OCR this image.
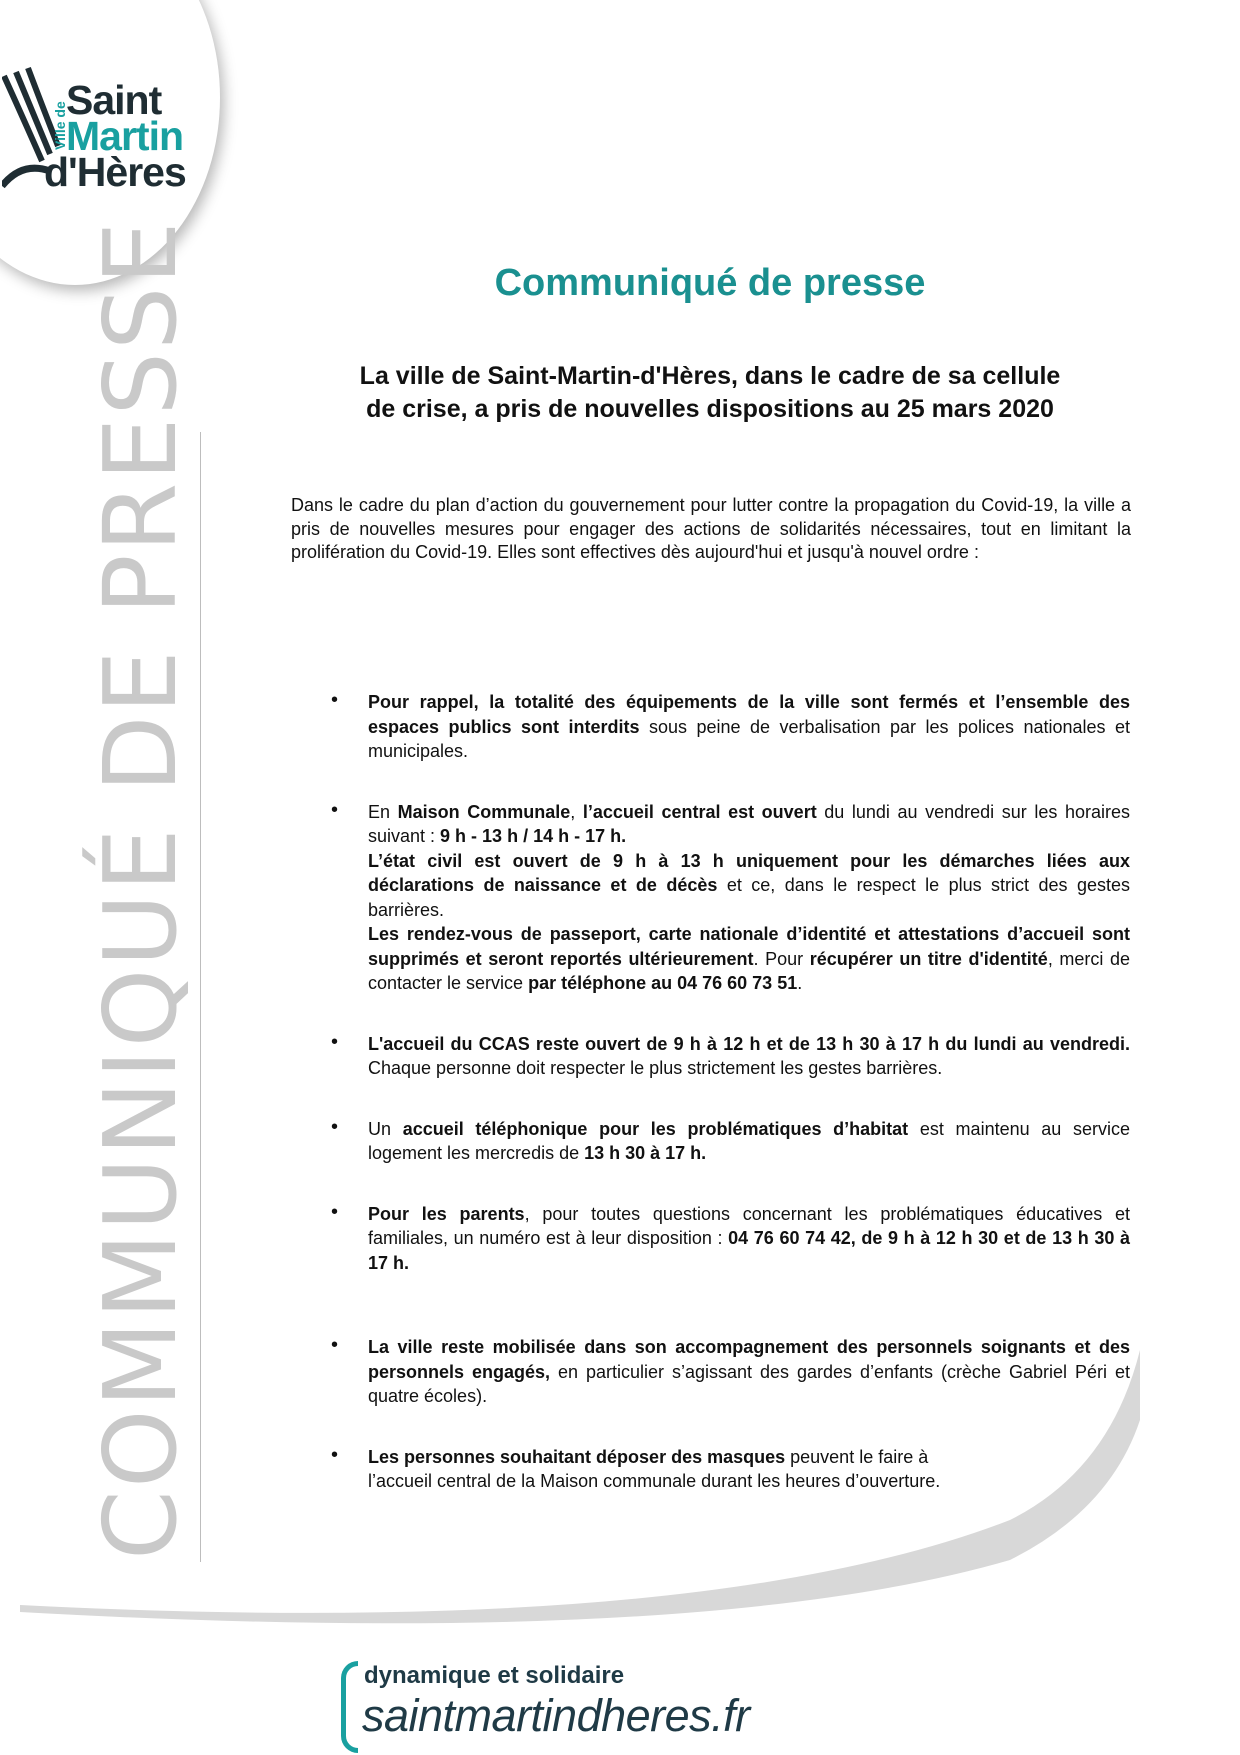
Ville de
Saint
Martin
d'Hères
COMMUNIQUÉ DE PRESSE	Communiqué de presse
La ville de Saint-Martin-d'Hères, dans le cadre de sa cellule
de crise, a pris de nouvelles dispositions au 25 mars 2020
Dans le cadre du plan d’action du gouvernement pour lutter contre la propagation du Covid-19, la ville a pris de nouvelles mesures pour engager des actions de solidarités nécessaires, tout en limitant la prolifération du Covid-19. Elles sont effectives dès aujourd'hui et jusqu'à nouvel ordre :
• Pour rappel, la totalité des équipements de la ville sont fermés et l’ensemble des espaces publics sont interdits sous peine de verbalisation par les polices nationales et municipales.

• En Maison Communale, l’accueil central est ouvert du lundi au vendredi sur les horaires suivant : 9 h - 13 h / 14 h - 17 h.

L’état civil est ouvert de 9 h à 13 h uniquement pour les démarches liées aux déclarations de naissance et de décès et ce, dans le respect le plus strict des gestes barrières.

Les rendez-vous de passeport, carte nationale d’identité et attestations d’accueil sont supprimés et seront reportés ultérieurement. Pour récupérer un titre d'identité, merci de contacter le service par téléphone au 04 76 60 73 51.

• L'accueil du CCAS reste ouvert de 9 h à 12 h et de 13 h 30 à 17 h du lundi au vendredi. Chaque personne doit respecter le plus strictement les gestes barrières.

• Un accueil téléphonique pour les problématiques d’habitat est maintenu au service logement les mercredis de 13 h 30 à 17 h.

• Pour les parents, pour toutes questions concernant les problématiques éducatives et familiales, un numéro est à leur disposition : 04 76 60 74 42, de 9 h à 12 h 30 et de 13 h 30 à 17 h.

• La ville reste mobilisée dans son accompagnement des personnels soignants et des personnels engagés, en particulier s’agissant des gardes d’enfants (crèche Gabriel Péri et quatre écoles).

• Les personnes souhaitant déposer des masques peuvent le faire à

l’accueil central de la Maison communale durant les heures d’ouverture.

dynamique et solidaire
saintmartindheres.fr
